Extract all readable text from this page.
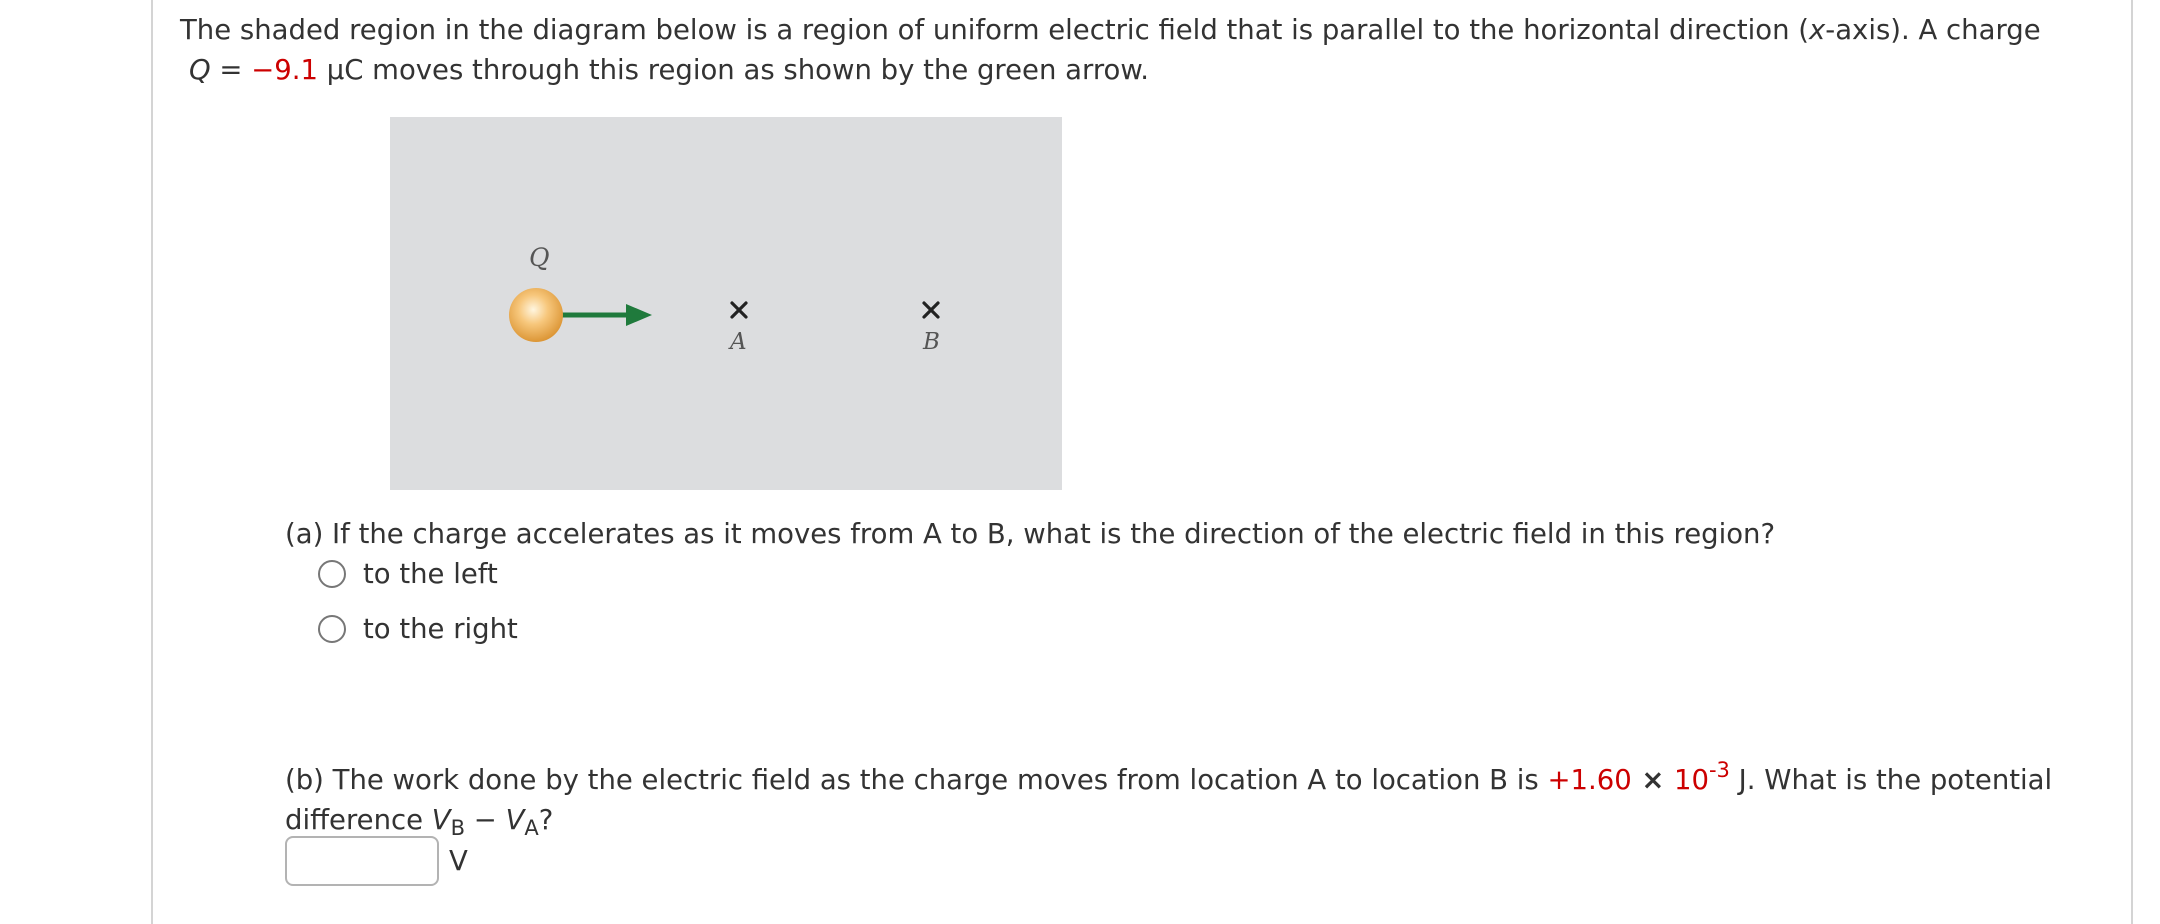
The shaded region in the diagram below is a region of uniform electric field that is parallel to the horizontal direction (x-axis). A charge
Q = −9.1 μC moves through this region as shown by the green arrow.
Q
A	B
(a) If the charge accelerates as it moves from A to B, what is the direction of the electric field in this region?
to the left
to the right
(b) The work done by the electric field as the charge moves from location A to location B is $+1.60 \times 10^{-3}$ J. What is the potential difference $V_B - V_A$?
V
